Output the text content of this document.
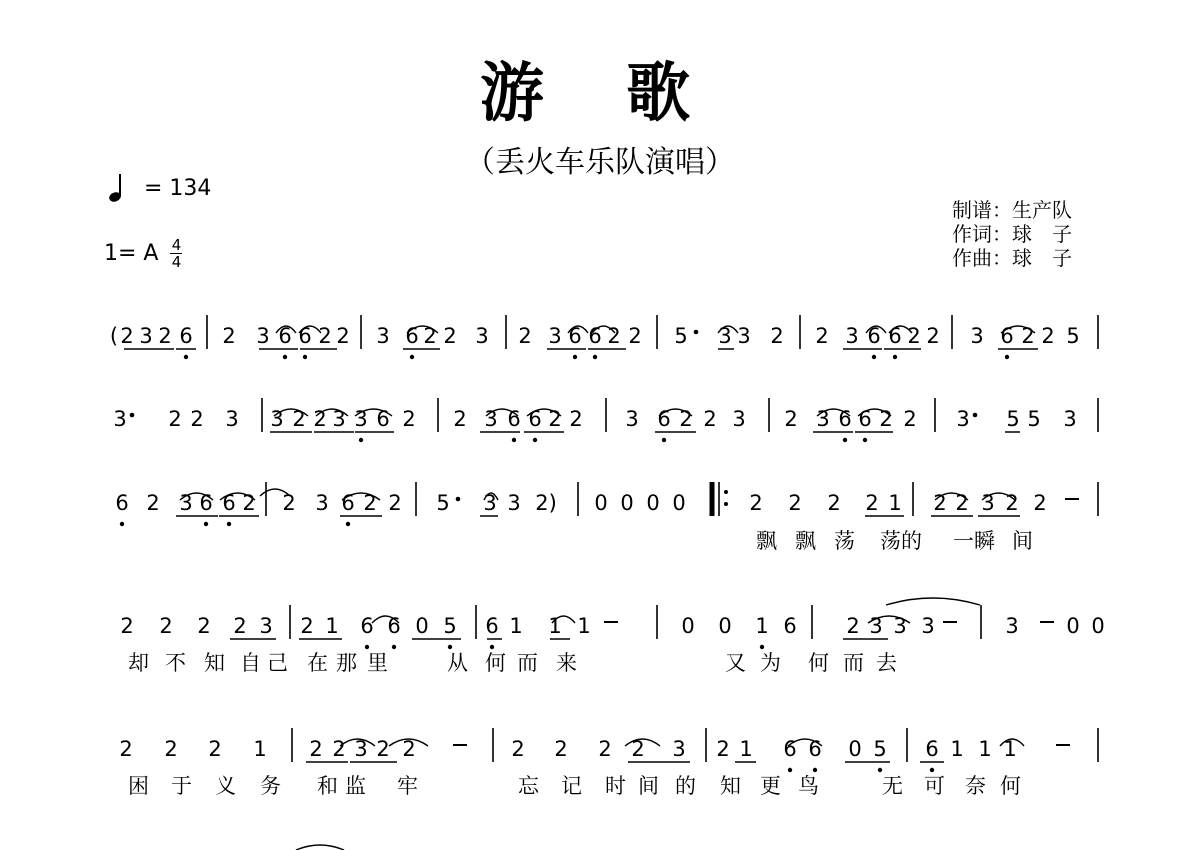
游 歌
（丢火车乐队演唱）
= 134
1= A 4
4
制谱：生产队
作词：球　子
作曲：球　子
( 2 3 2 6 2 3 6 6 2 2 3 6 2 2 3 2 3 6 6 2 2 5 3 3 2 2 3 6 6 2 2 3 6 2 2 5
3 2 2 3 3 2 2 3 3 6 2 2 3 6 6 2 2 3 6 2 2 3 2 3 6 6 2 2 3 5 5 3
6 2 3 6 6 2 2 3 6 2 2 5 3 3 2) 0 0 0 0	2 2 2 2 1 2 2 3 2 2
飘 飘 荡 荡的 一瞬 间
2 2 2 2 3 2 1 6 6 0 5 6 1 1 1	0 0 1 6 2 3 3 3	3 0 0
却 不 知 自 己 在 那 里	从 何 而 来	又 为 何 而 去
2 2 2 1 2 2 3 2 2	2 2 2 2 3 2 1 6 6 0 5 6 1 1 1
困 于 义 务 和 监 牢	忘 记 时 间 的 知 更 鸟	无 可 奈 何
